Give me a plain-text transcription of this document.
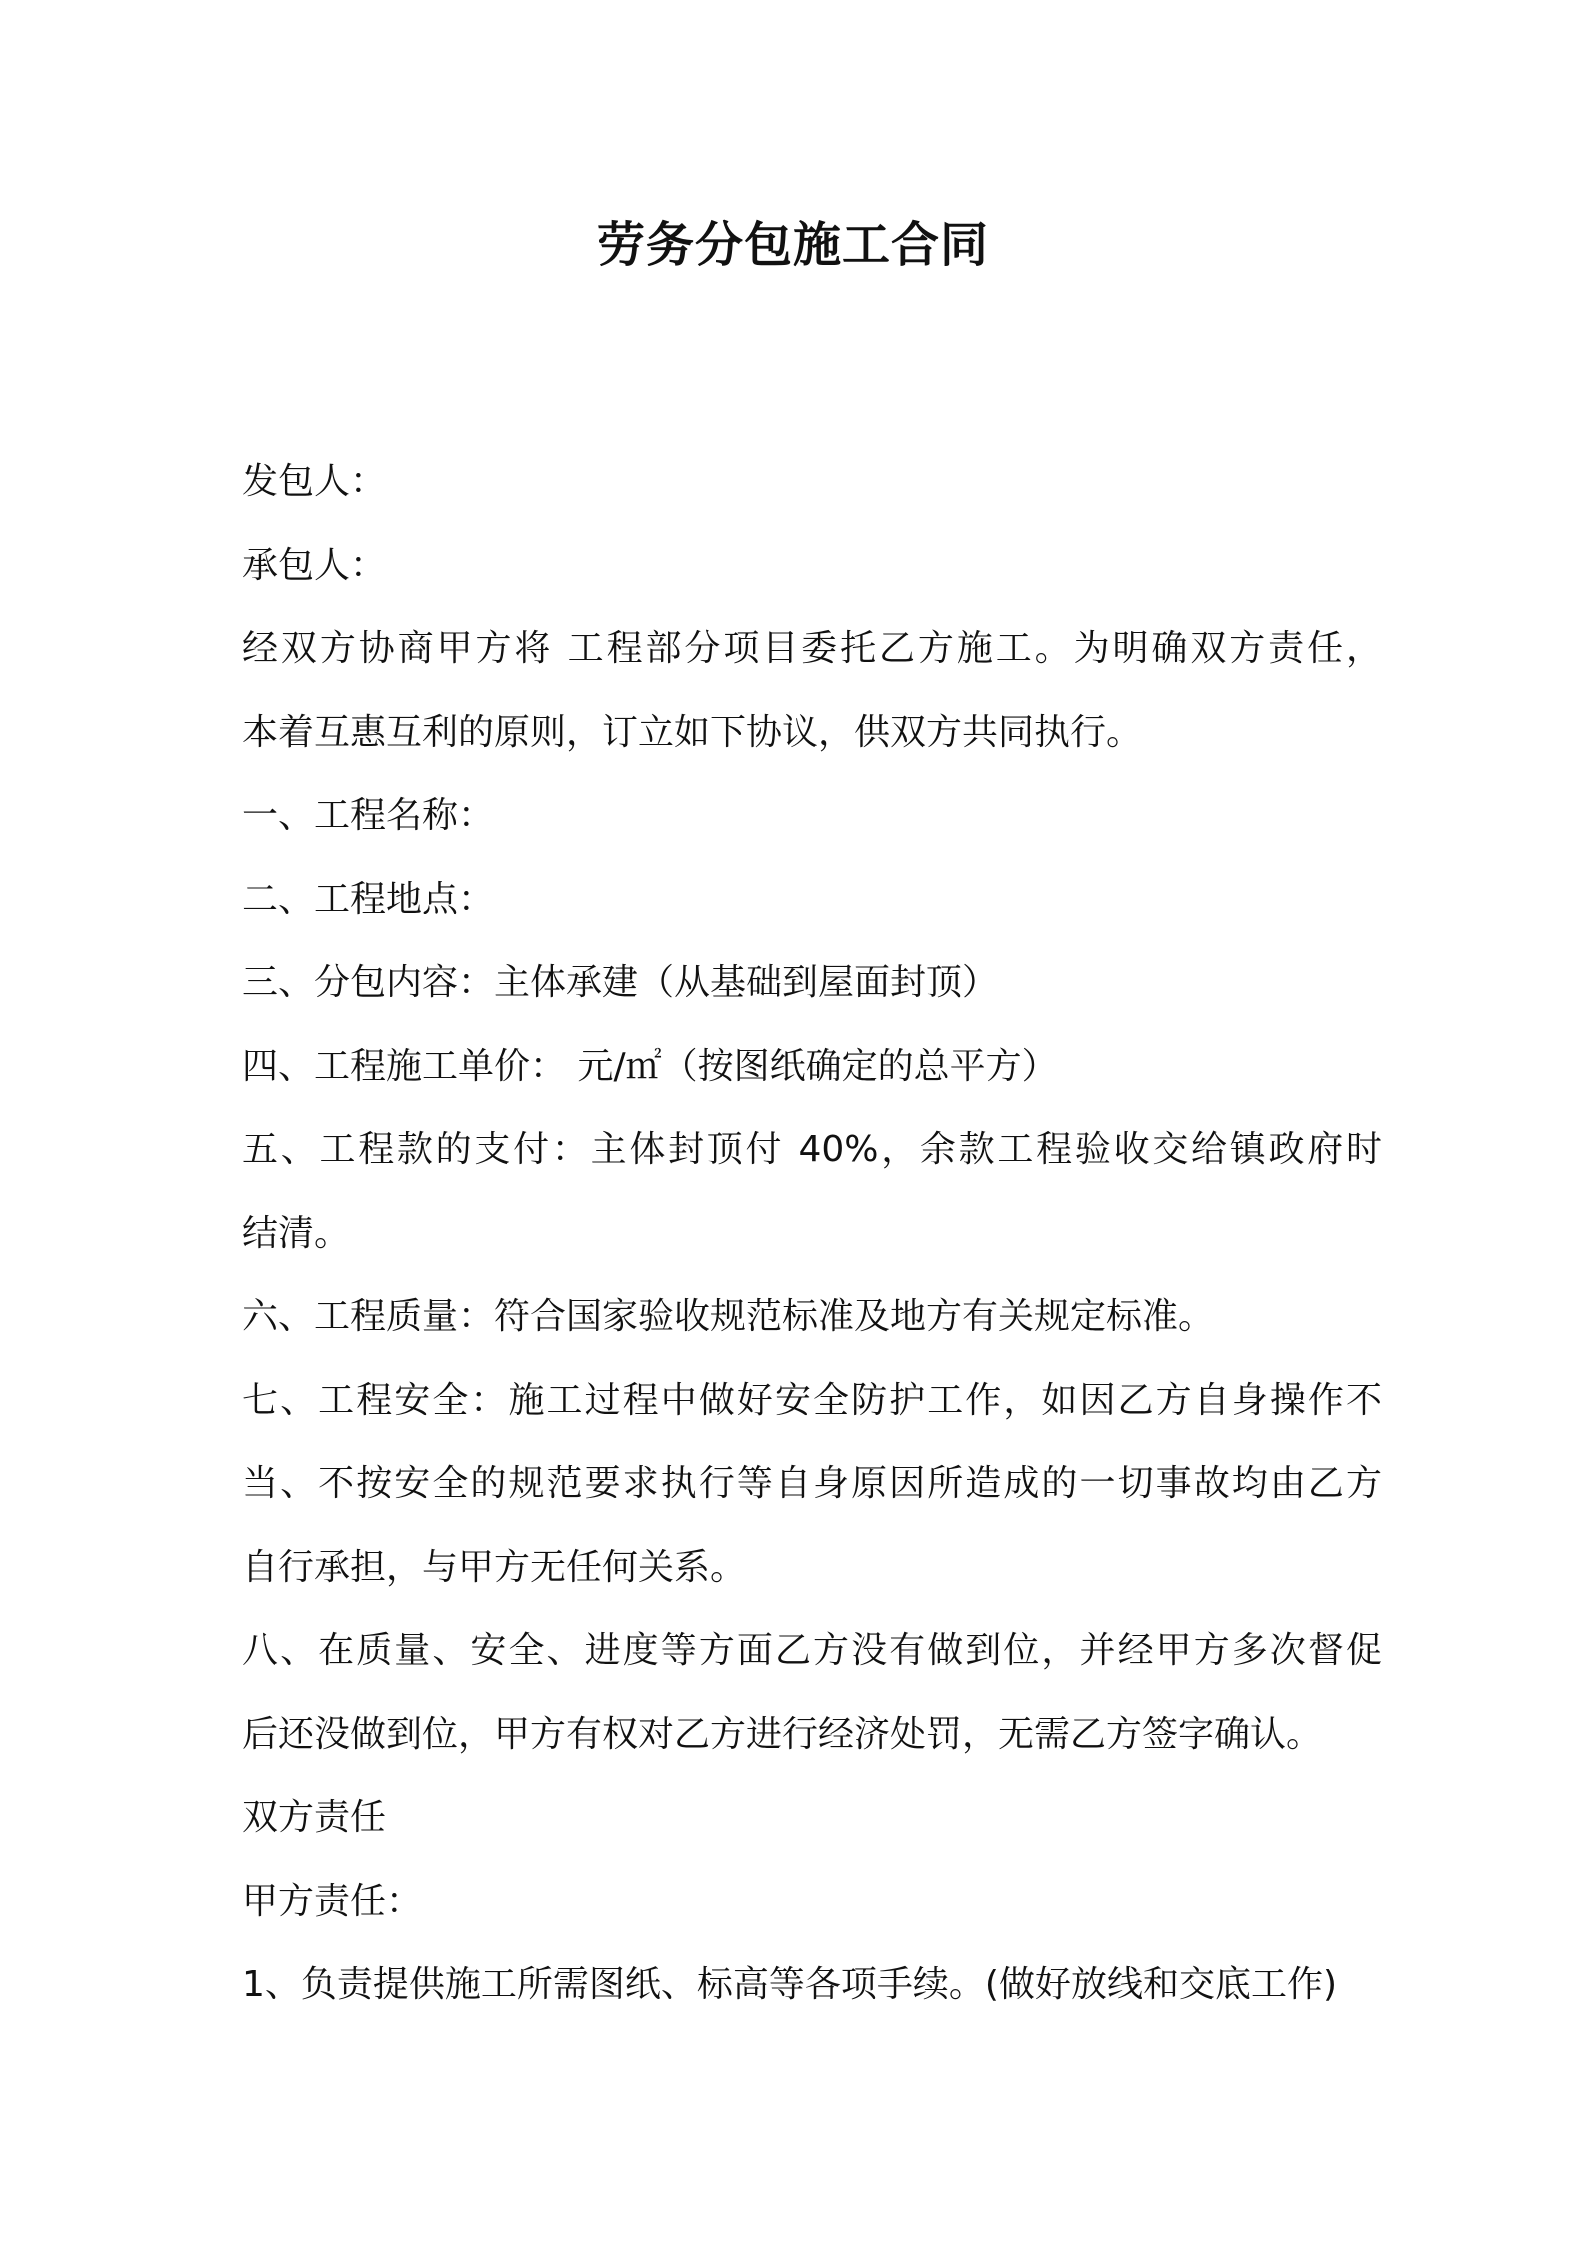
劳务分包施工合同
发包人：
承包人：
经双方协商甲方将 工程部分项目委托乙方施工。为明确双方责任，
本着互惠互利的原则，订立如下协议，供双方共同执行。
一、工程名称：
二、工程地点：
三、分包内容：主体承建（从基础到屋面封顶）
四、工程施工单价： 元/㎡（按图纸确定的总平方）
五、工程款的支付：主体封顶付 40%，余款工程验收交给镇政府时
结清。
六、工程质量：符合国家验收规范标准及地方有关规定标准。
七、工程安全：施工过程中做好安全防护工作，如因乙方自身操作不
当、不按安全的规范要求执行等自身原因所造成的一切事故均由乙方
自行承担，与甲方无任何关系。
八、在质量、安全、进度等方面乙方没有做到位，并经甲方多次督促
后还没做到位，甲方有权对乙方进行经济处罚，无需乙方签字确认。
双方责任
甲方责任：
1、负责提供施工所需图纸、标高等各项手续。(做好放线和交底工作)
